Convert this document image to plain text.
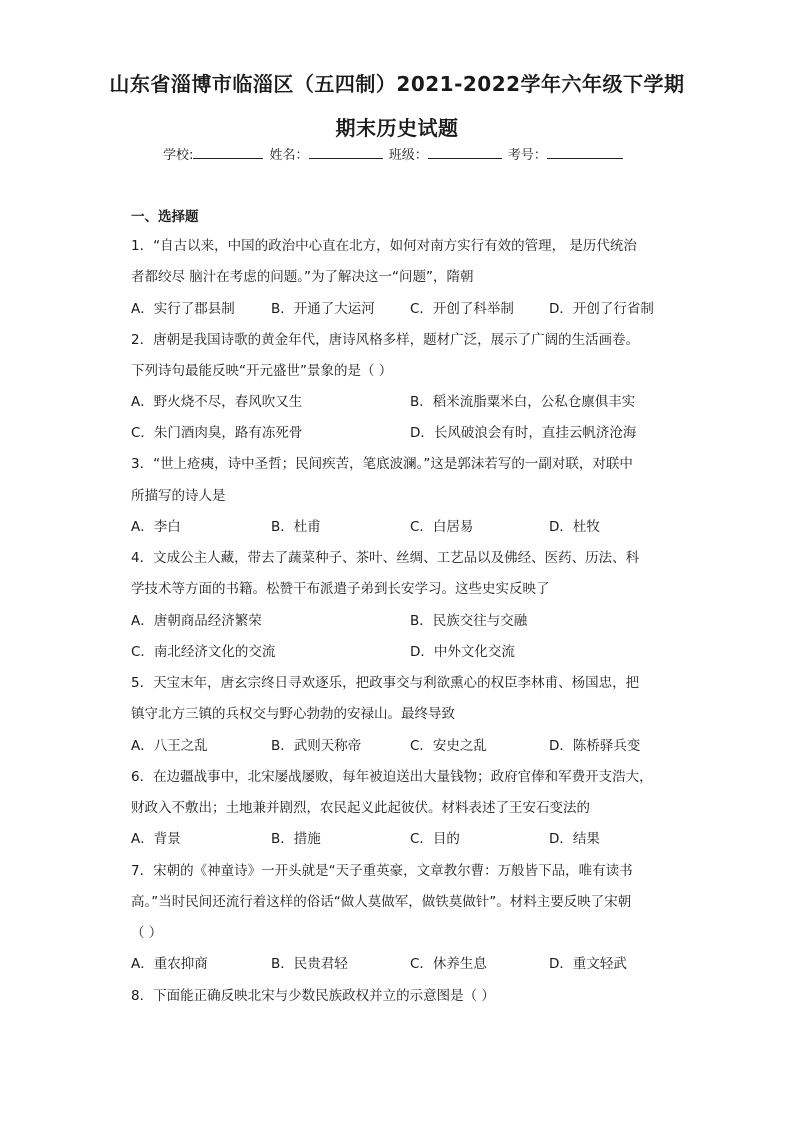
山东省淄博市临淄区（五四制）2021-2022学年六年级下学期
期末历史试题
学校:	姓名：	班级：	考号：
一、选择题
1．“自古以来，中国的政治中心直在北方，如何对南方实行有效的管理， 是历代统治
者都绞尽 脑汁在考虑的问题。”为了解决这一“问题”，隋朝
A．实行了郡县制	B．开通了大运河	C．开创了科举制	D．开创了行省制
2．唐朝是我国诗歌的黄金年代，唐诗风格多样，题材广泛，展示了广阔的生活画卷。
下列诗句最能反映“开元盛世”景象的是（ ）
A．野火烧不尽，春风吹又生	B．稻米流脂粟米白，公私仓廪俱丰实
C．朱门酒肉臭，路有冻死骨	D．长风破浪会有时，直挂云帆济沧海
3．“世上疮痍，诗中圣哲；民间疾苦，笔底波澜。”这是郭沫若写的一副对联，对联中
所描写的诗人是
A．李白	B．杜甫	C．白居易	D．杜牧
4．文成公主人藏，带去了蔬菜种子、茶叶、丝绸、工艺品以及佛经、医药、历法、科
学技术等方面的书籍。松赞干布派遣子弟到长安学习。这些史实反映了
A．唐朝商品经济繁荣	B．民族交往与交融
C．南北经济文化的交流	D．中外文化交流
5．天宝末年，唐玄宗终日寻欢逐乐，把政事交与利欲熏心的权臣李林甫、杨国忠，把
镇守北方三镇的兵权交与野心勃勃的安禄山。最终导致
A．八王之乱	B．武则天称帝	C．安史之乱	D．陈桥驿兵变
6．在边疆战事中，北宋屡战屡败，每年被迫送出大量钱物；政府官俸和军费开支浩大，
财政入不敷出；土地兼并剧烈，农民起义此起彼伏。材料表述了王安石变法的
A．背景	B．措施	C．目的	D．结果
7．宋朝的《神童诗》一开头就是“天子重英豪，文章教尔曹：万般皆下品，唯有读书
高。”当时民间还流行着这样的俗话“做人莫做军，做铁莫做针”。材料主要反映了宋朝
（ ）
A．重农抑商	B．民贵君轻	C．休养生息	D．重文轻武
8．下面能正确反映北宋与少数民族政权并立的示意图是（ ）
